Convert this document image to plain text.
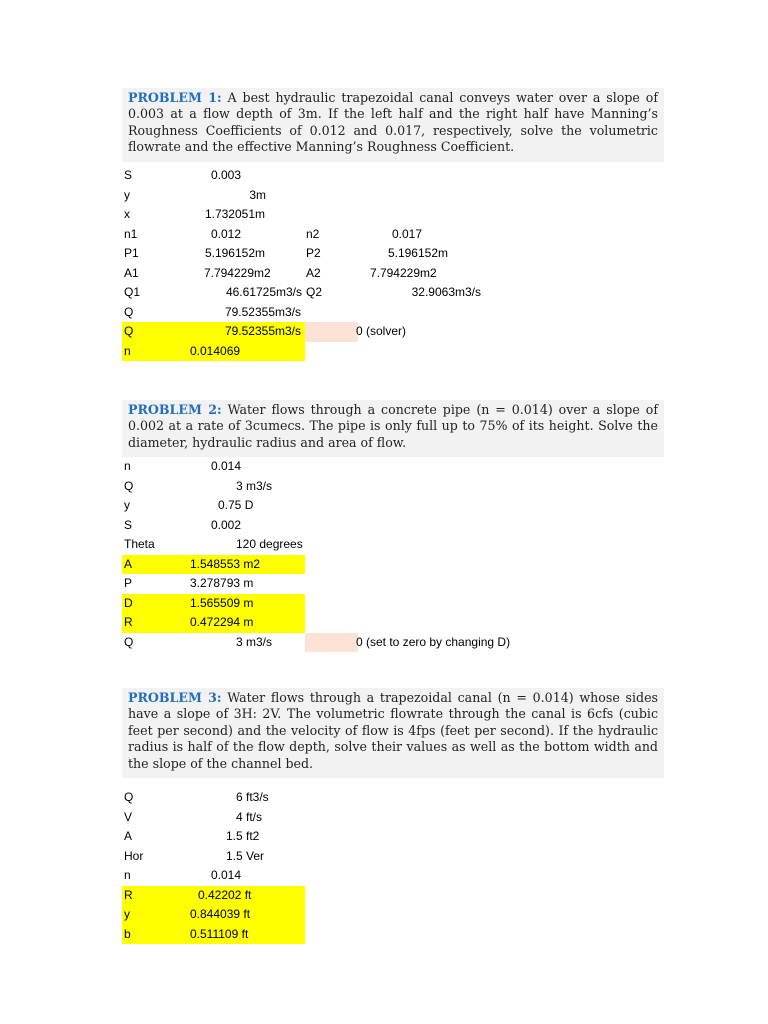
PROBLEM 1: A best hydraulic trapezoidal canal conveys water over a slope of 0.003 at a flow depth of 3m. If the left half and the right half have Manning’s Roughness Coefficients of 0.012 and 0.017, respectively, solve the volumetric flowrate and the effective Manning’s Roughness Coefficient.
S	0.003
y	3 m
x	1.732051 m
n1	0.012	n2	0.017
P1	5.196152 m	P2	5.196152 m
A1	7.794229 m2	A2	7.794229 m2
Q1	46.61725 m3/s Q2	32.9063 m3/s
Q	79.52355 m3/s
Q	79.52355 m3/s	0 (solver)
n	0.014069
PROBLEM 2: Water flows through a concrete pipe (n = 0.014) over a slope of 0.002 at a rate of 3cumecs. The pipe is only full up to 75% of its height. Solve the diameter, hydraulic radius and area of flow.
n	0.014
Q	3 m3/s
y	0.75 D
S	0.002
Theta	120 degrees
A	1.548553 m2
P	3.278793 m
D	1.565509 m
R	0.472294 m
Q	3 m3/s	0 (set to zero by changing D)
PROBLEM 3: Water flows through a trapezoidal canal (n = 0.014) whose sides have a slope of 3H: 2V. The volumetric flowrate through the canal is 6cfs (cubic feet per second) and the velocity of flow is 4fps (feet per second). If the hydraulic radius is half of the flow depth, solve their values as well as the bottom width and the slope of the channel bed.
Q	6 ft3/s
V	4 ft/s
A	1.5 ft2
Hor	1.5 Ver
n	0.014
R	0.42202 ft
y	0.844039 ft
b	0.511109 ft
